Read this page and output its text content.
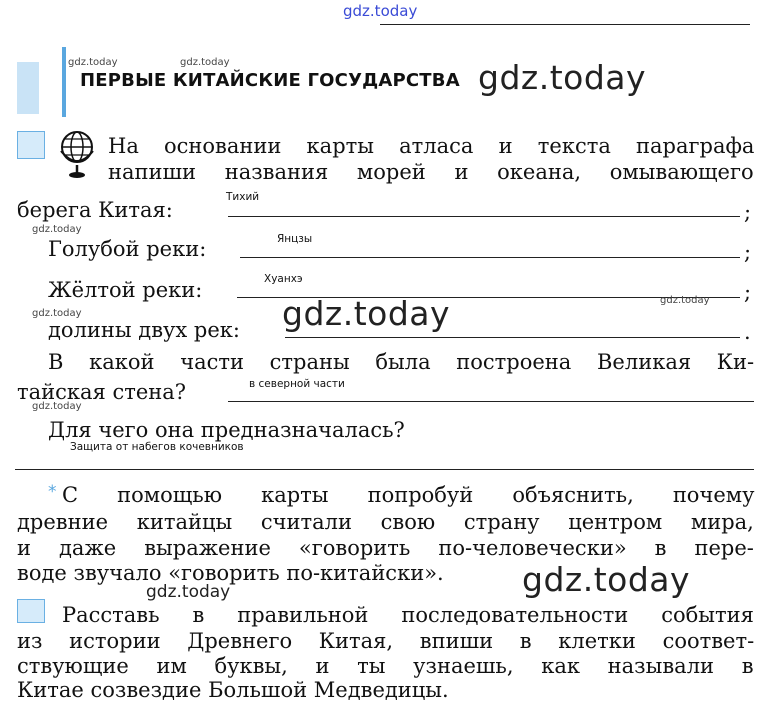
gdz.today
gdz.today	gdz.today
ПЕРВЫЕ КИТАЙСКИЕ ГОСУДАРСТВА gdz.today
На основании карты атласа и текста параграфа
напиши названия морей и океана, омывающего
берега Китая:
Тихий
;
gdz.today
Голубой реки:	Янцзы
;
Жёлтой реки:	Хуанхэ
;
gdz.today
gdz.today
долины двух рек: gdz.today	.
В какой части страны была построена Великая Ки-
тайская стена?	в северной части
gdz.today
Для чего она предназначалась?
Защита от набегов кочевников
* С помощью карты попробуй объяснить, почему
древние китайцы считали свою страну центром мира,
и даже выражение «говорить по-человечески» в пере-
воде звучало «говорить по-китайски». gdz.today
gdz.today
Расставь в правильной последовательности события
из истории Древнего Китая, впиши в клетки соответ-
ствующие им буквы, и ты узнаешь, как называли в
Китае созвездие Большой Медведицы.
